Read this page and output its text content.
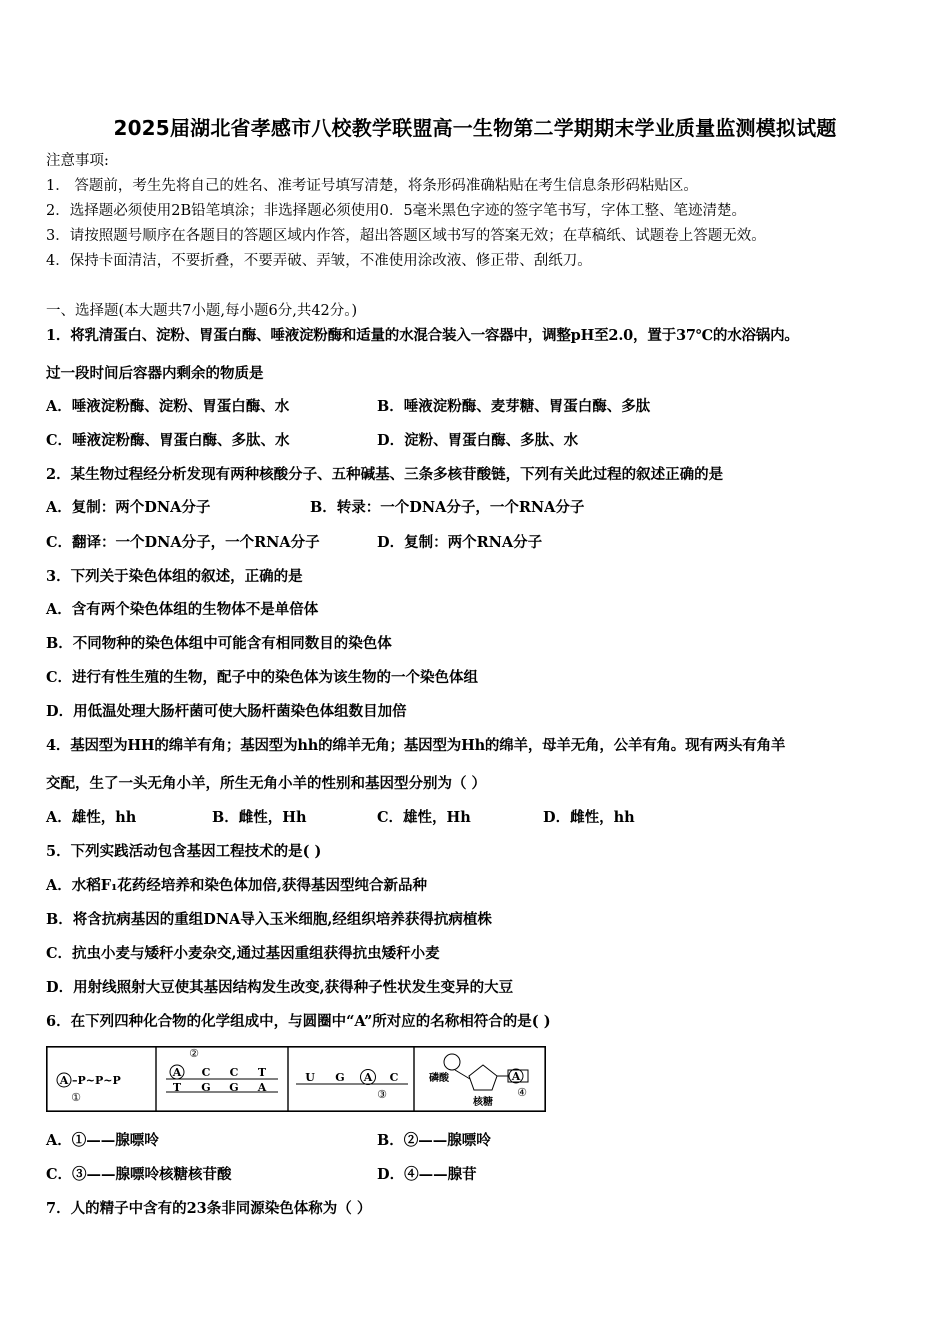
2025届湖北省孝感市八校教学联盟高一生物第二学期期末学业质量监测模拟试题
注意事项:
1． 答题前，考生先将自己的姓名、准考证号填写清楚，将条形码准确粘贴在考生信息条形码粘贴区。
2．选择题必须使用2B铅笔填涂；非选择题必须使用0．5毫米黑色字迹的签字笔书写，字体工整、笔迹清楚。
3．请按照题号顺序在各题目的答题区域内作答，超出答题区域书写的答案无效；在草稿纸、试题卷上答题无效。
4．保持卡面清洁，不要折叠，不要弄破、弄皱，不准使用涂改液、修正带、刮纸刀。
一、选择题(本大题共7小题,每小题6分,共42分。)
1．将乳清蛋白、淀粉、胃蛋白酶、唾液淀粉酶和适量的水混合装入一容器中，调整pH至2.0，置于37℃的水浴锅内。
过一段时间后容器内剩余的物质是
A．唾液淀粉酶、淀粉、胃蛋白酶、水	B．唾液淀粉酶、麦芽糖、胃蛋白酶、多肽
C．唾液淀粉酶、胃蛋白酶、多肽、水	D．淀粉、胃蛋白酶、多肽、水
2．某生物过程经分析发现有两种核酸分子、五种碱基、三条多核苷酸链，下列有关此过程的叙述正确的是
A．复制：两个DNA分子	B．转录：一个DNA分子，一个RNA分子
C．翻译：一个DNA分子，一个RNA分子	D．复制：两个RNA分子
3．下列关于染色体组的叙述，正确的是
A．含有两个染色体组的生物体不是单倍体
B．不同物种的染色体组中可能含有相同数目的染色体
C．进行有性生殖的生物，配子中的染色体为该生物的一个染色体组
D．用低温处理大肠杆菌可使大肠杆菌染色体组数目加倍
4．基因型为HH的绵羊有角；基因型为hh的绵羊无角；基因型为Hh的绵羊，母羊无角，公羊有角。现有两头有角羊
交配，生了一头无角小羊，所生无角小羊的性别和基因型分别为（ ）
A．雄性，hh	B．雌性，Hh	C．雄性，Hh	D．雌性，hh
5．下列实践活动包含基因工程技术的是( )
A．水稻F₁花药经培养和染色体加倍,获得基因型纯合新品种
B．将含抗病基因的重组DNA导入玉米细胞,经组织培养获得抗病植株
C．抗虫小麦与矮秆小麦杂交,通过基因重组获得抗虫矮秆小麦
D．用射线照射大豆使其基因结构发生改变,获得种子性状发生变异的大豆
6．在下列四种化合物的化学组成中，与圆圈中“A”所对应的名称相符合的是( )
A –P~P~P
①
②
A C C T
T G G A
U G A C
③
磷酸
核糖
A
④
A．①——腺嘌呤	B．②——腺嘌呤
C．③——腺嘌呤核糖核苷酸	D．④——腺苷
7．人的精子中含有的23条非同源染色体称为（ ）
